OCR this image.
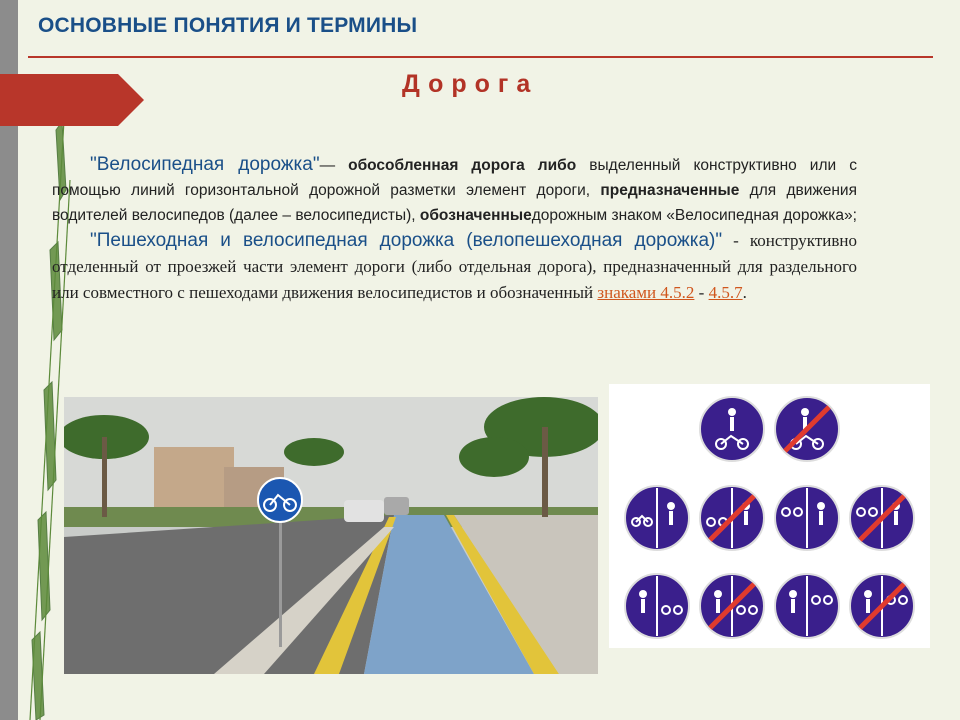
ОСНОВНЫЕ ПОНЯТИЯ И ТЕРМИНЫ
Дорога

"Велосипедная дорожка"— обособленная дорога либо выделенный конструктивно или с помощью линий горизонтальной дорожной разметки элемент дороги, предназначенные для движения водителей велосипедов (далее – велосипедисты), обозначенныедорожным знаком «Велосипедная дорожка»;

"Пешеходная и велосипедная дорожка (велопешеходная дорожка)" - конструктивно отделенный от проезжей части элемент дороги (либо отдельная дорога), предназначенный для раздельного или совместного с пешеходами движения велосипедистов и обозначенный знаками 4.5.2 - 4.5.7.
